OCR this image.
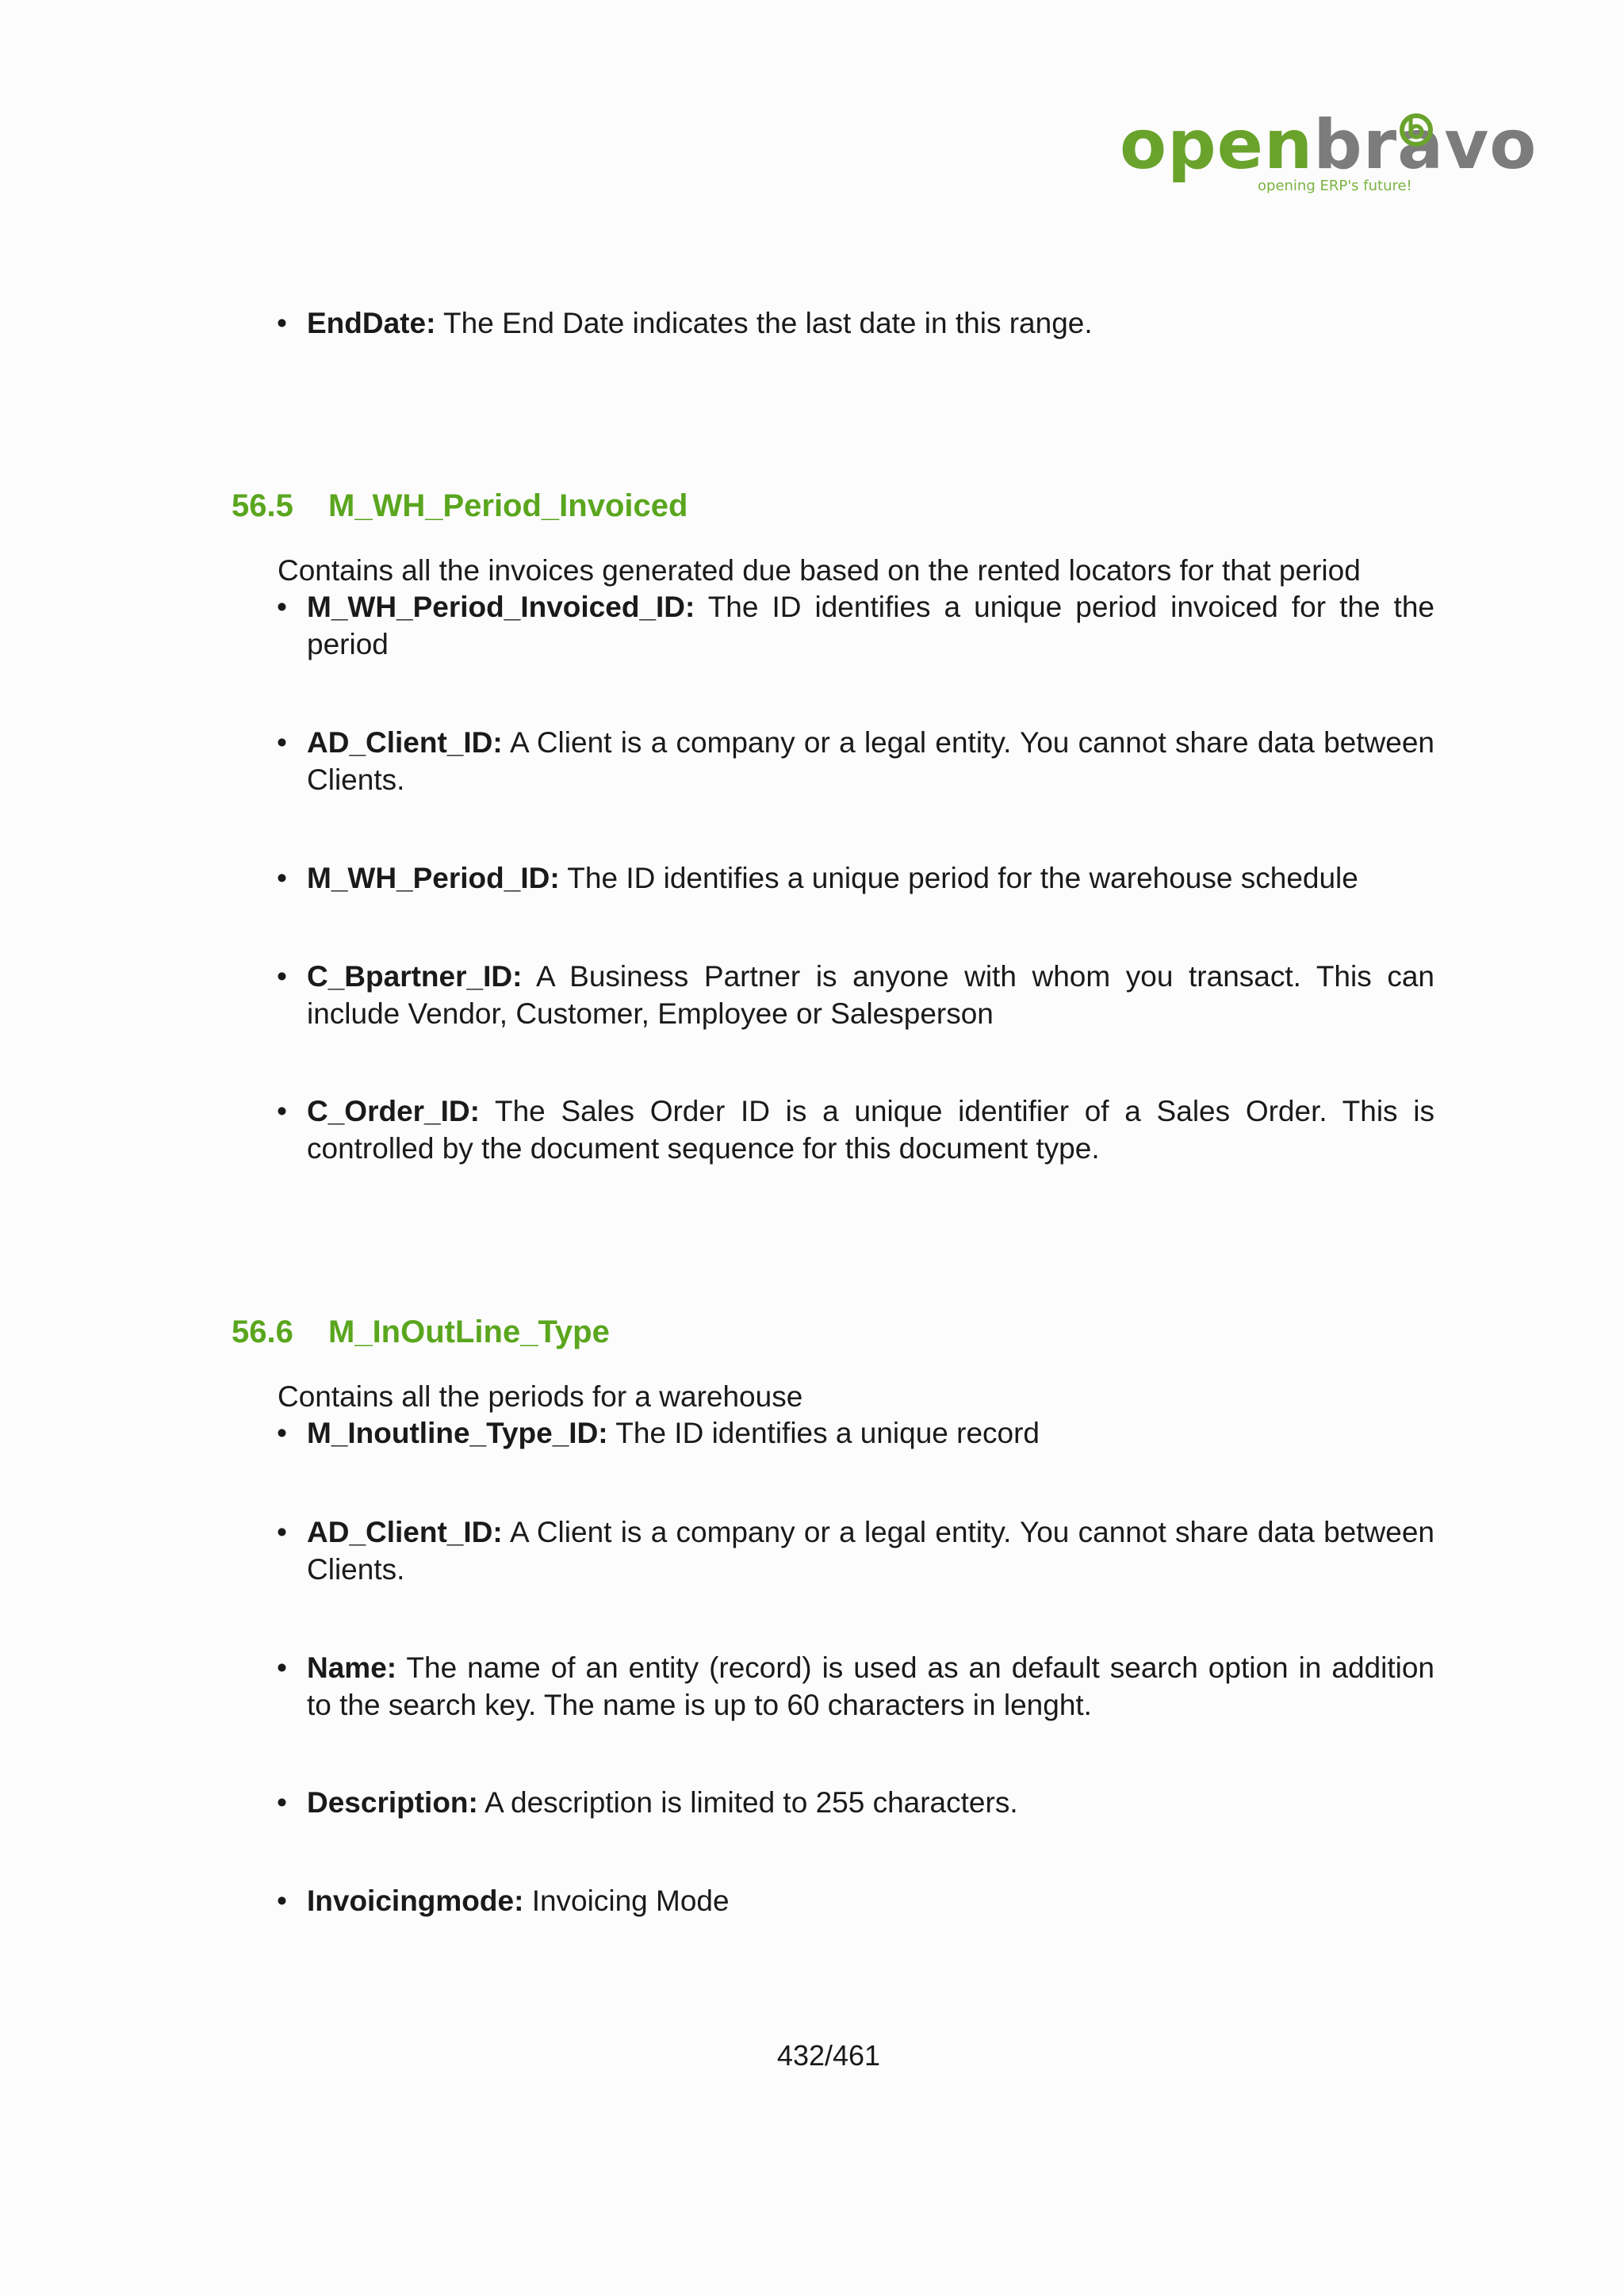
openbravo
opening ERP's future!
• EndDate: The End Date indicates the last date in this range.
56.5 M_WH_Period_Invoiced
Contains all the invoices generated due based on the rented locators for that period
• M_WH_Period_Invoiced_ID: The ID identifies a unique period invoiced for the the period
• AD_Client_ID: A Client is a company or a legal entity. You cannot share data between Clients.
• M_WH_Period_ID: The ID identifies a unique period for the warehouse schedule
• C_Bpartner_ID: A Business Partner is anyone with whom you transact. This can include Vendor, Customer, Employee or Salesperson
• C_Order_ID: The Sales Order ID is a unique identifier of a Sales Order. This is controlled by the document sequence for this document type.
56.6 M_InOutLine_Type
Contains all the periods for a warehouse
• M_Inoutline_Type_ID: The ID identifies a unique record
• AD_Client_ID: A Client is a company or a legal entity. You cannot share data between Clients.
• Name: The name of an entity (record) is used as an default search option in addition to the search key. The name is up to 60 characters in lenght.
• Description: A description is limited to 255 characters.
• Invoicingmode: Invoicing Mode
432/461
